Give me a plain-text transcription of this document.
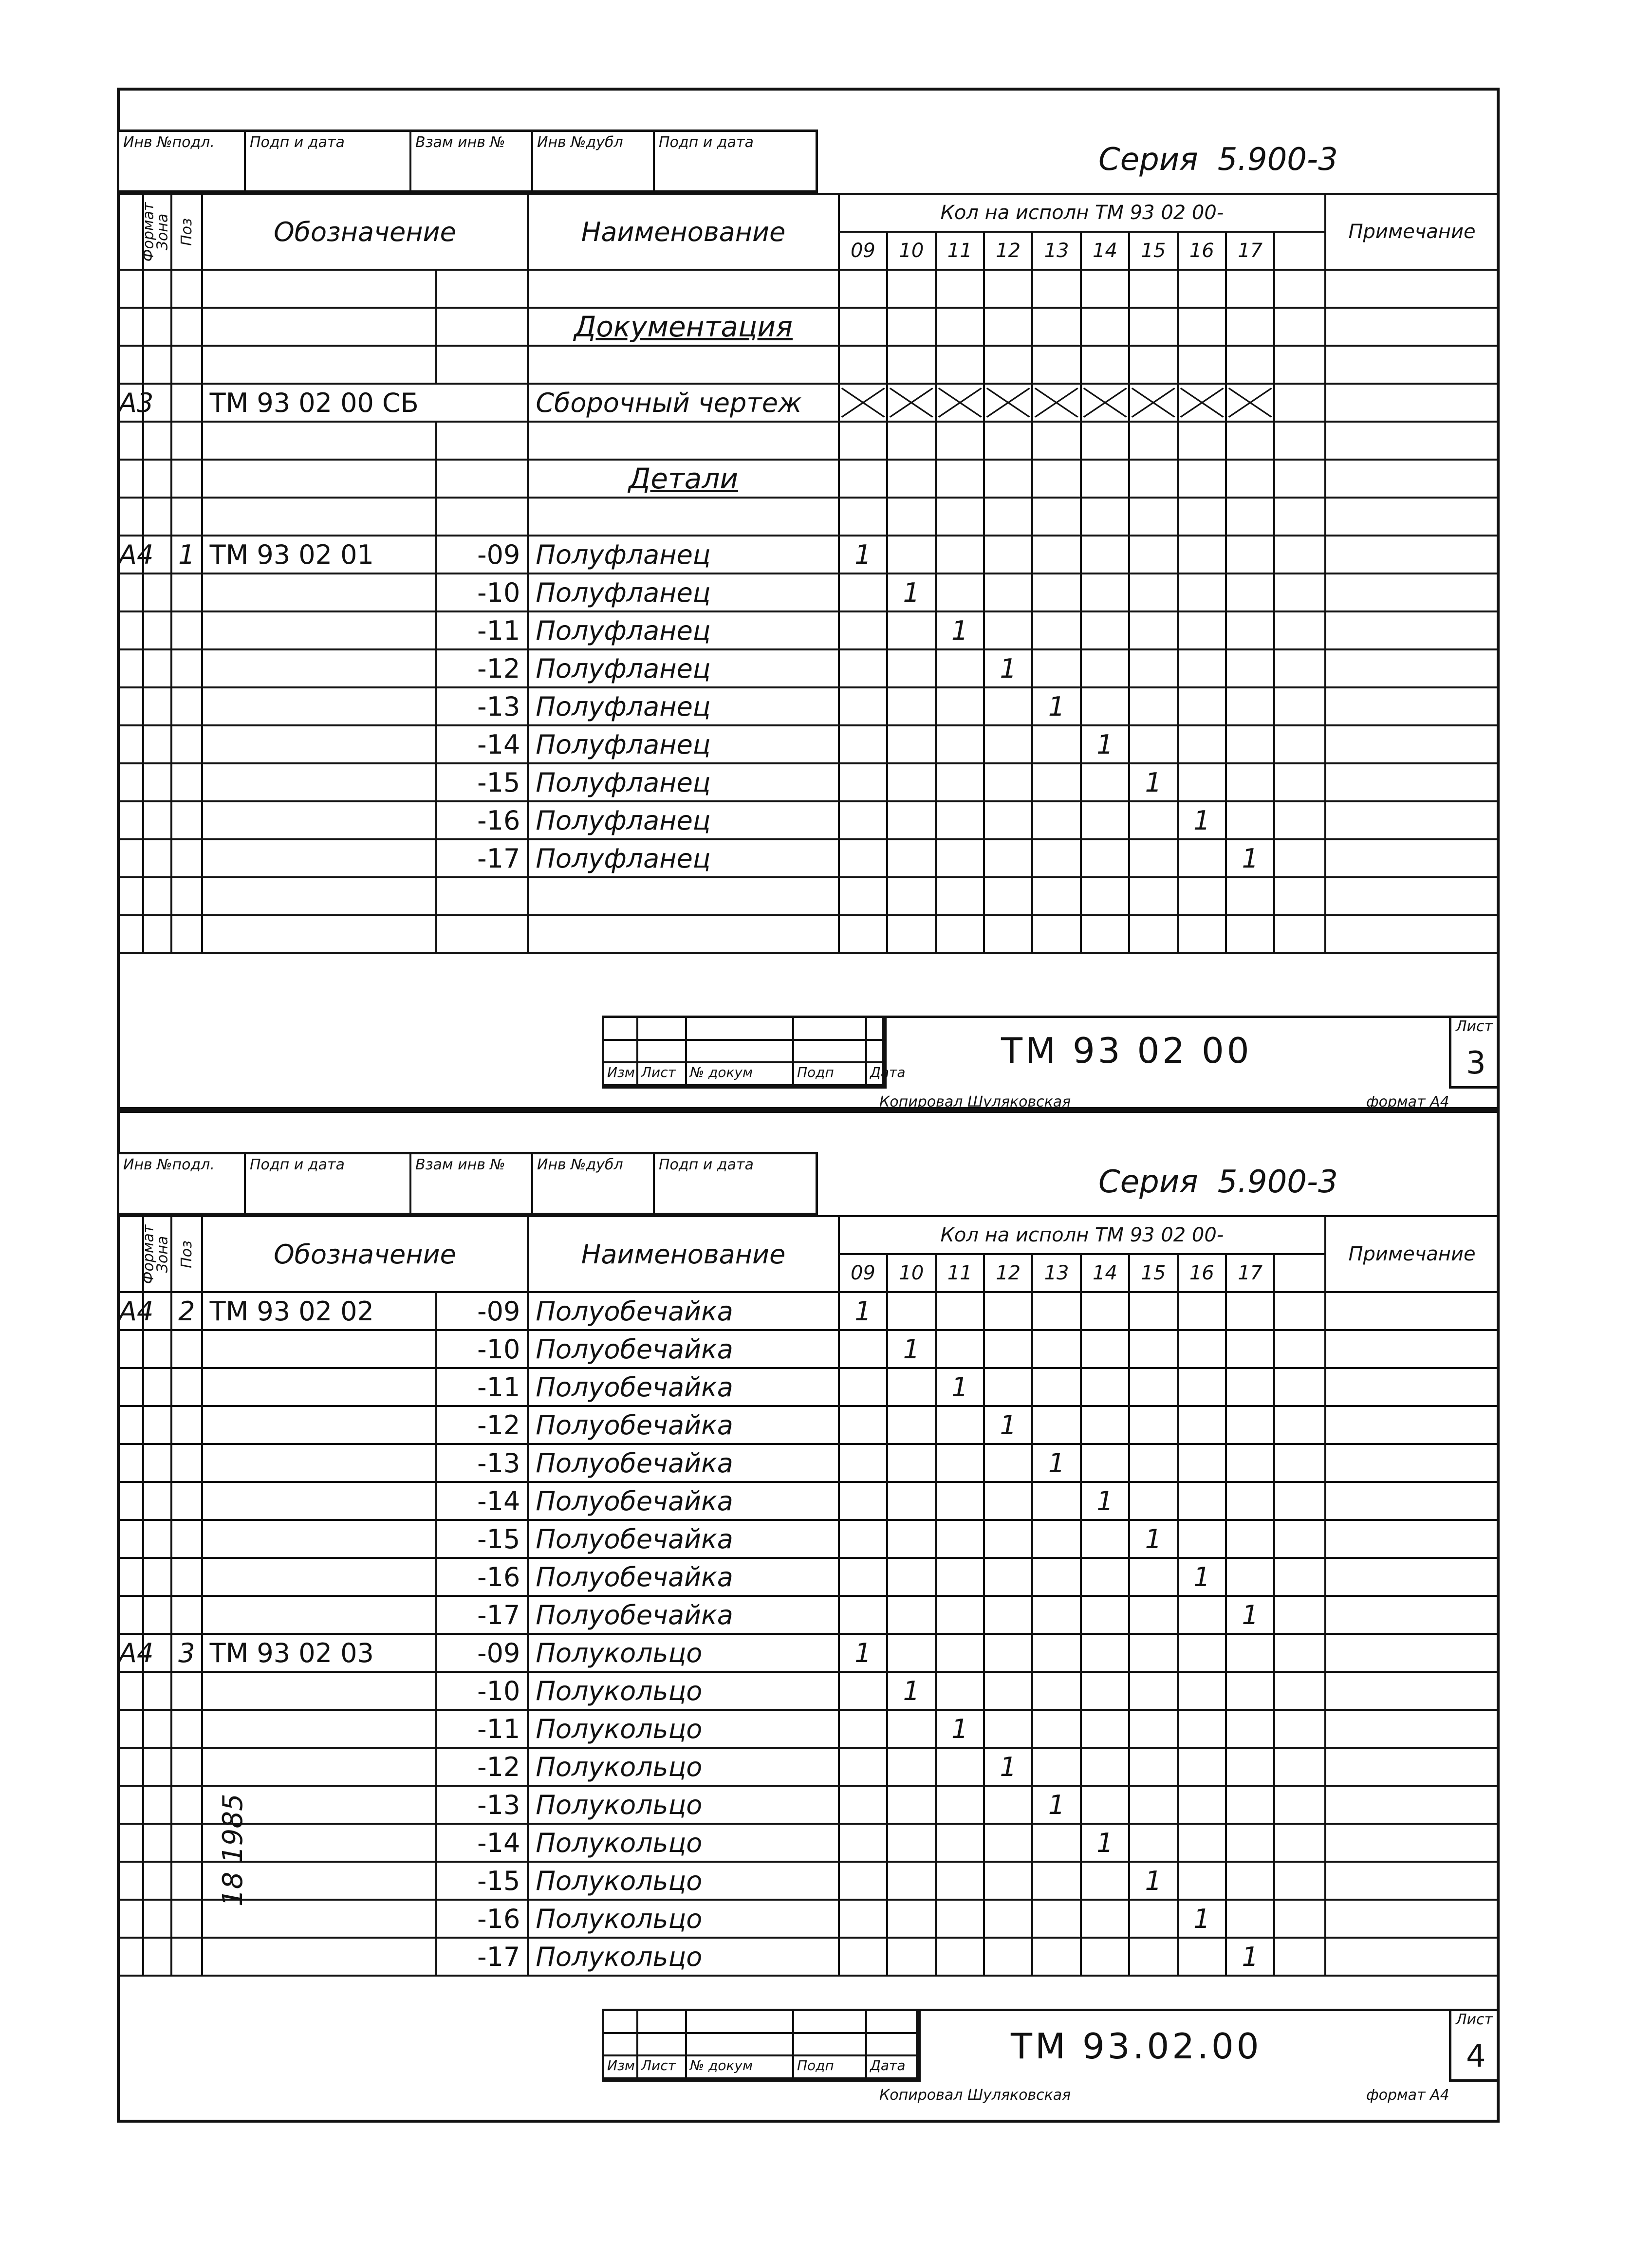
Инв №подл.	Подп и дата	Взам инв №	Инв №дубл	Подп и дата	Серия 5.900-3
Формат	Зона	Поз	Обозначение		Наименование	Кол на исполн ТМ 93 02 00-										Примечание
						09	10	11	12	13	14	15	16	17		

					Документация											

А3			ТМ 93 02 00 СБ		Сборочный чертеж	

					Детали											

А4		1	ТМ 93 02 01	-09	Полуфланец	1										
				-10	Полуфланец		1									
				-11	Полуфланец			1								
				-12	Полуфланец				1							
				-13	Полуфланец					1						
				-14	Полуфланец						1					
				-15	Полуфланец							1				
				-16	Полуфланец								1			
				-17	Полуфланец									1		

Изм Лист	№ докум	Подп	Дата
ТМ 93 02 00
Лист
3
Копировал Шуляковская	формат А4
Инв №подл.	Подп и дата	Взам инв №	Инв №дубл	Подп и дата	Серия 5.900-3
Формат	Зона	Поз	Обозначение		Наименование	Кол на исполн ТМ 93 02 00-										Примечание
						09	10	11	12	13	14	15	16	17		
А4		2	ТМ 93 02 02	-09	Полуобечайка	1										
				-10	Полуобечайка		1									
				-11	Полуобечайка			1								
				-12	Полуобечайка				1							
				-13	Полуобечайка					1						
				-14	Полуобечайка						1					
				-15	Полуобечайка							1				
				-16	Полуобечайка								1			
				-17	Полуобечайка									1		
А4		3	ТМ 93 02 03	-09	Полукольцо	1										
				-10	Полукольцо		1									
				-11	Полукольцо			1								
				-12	Полукольцо				1							
				-13	Полукольцо					1						
				-14	Полукольцо						1					
				-15	Полукольцо							1				
				-16	Полукольцо								1			
				-17	Полукольцо									1		
Изм Лист	№ докум	Подп	Дата	ТМ 93.02.00
Лист
4
Копировал Шуляковская	формат А4
18 1985
